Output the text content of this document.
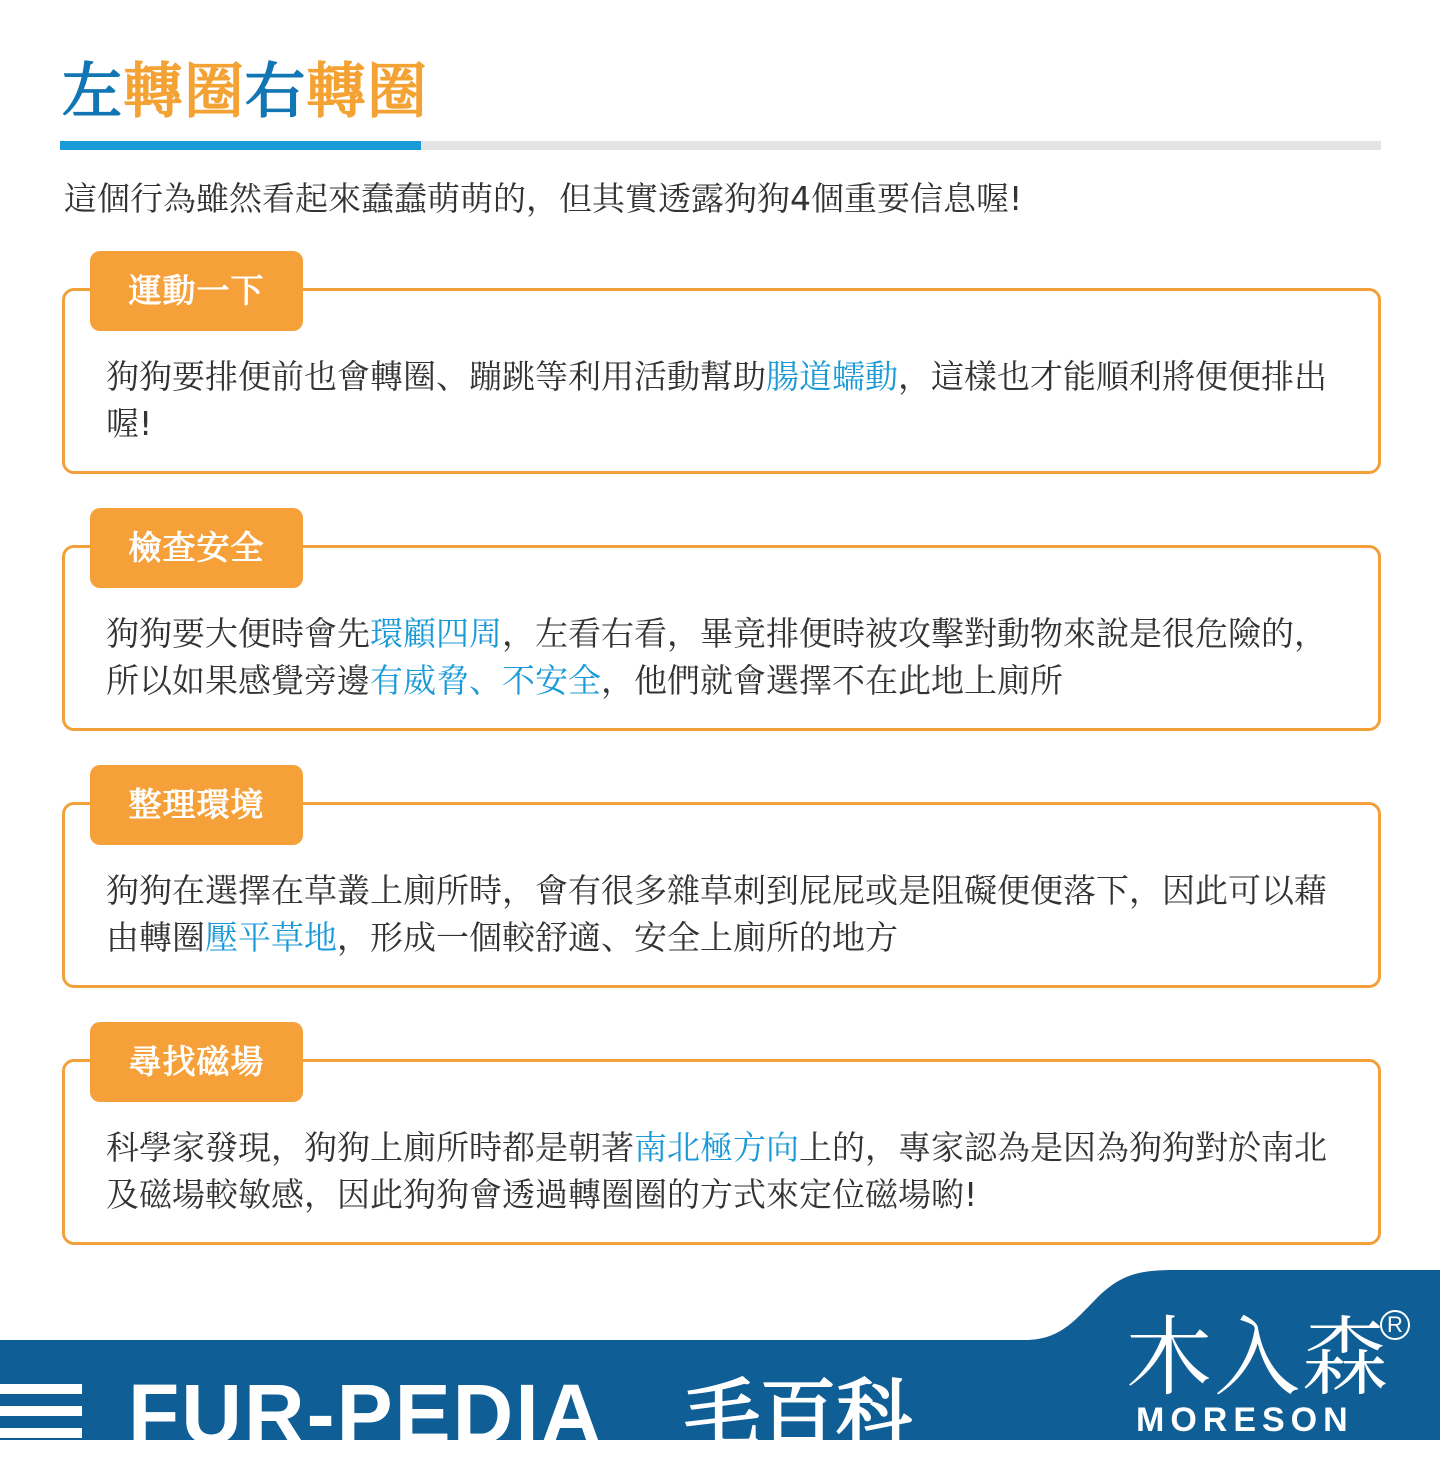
左轉圈右轉圈
這個行為雖然看起來蠢蠢萌萌的，但其實透露狗狗4個重要信息喔!
運動一下
狗狗要排便前也會轉圈、蹦跳等利用活動幫助腸道蠕動，這樣也才能順利將便便排出喔!
檢查安全
狗狗要大便時會先環顧四周，左看右看，畢竟排便時被攻擊對動物來說是很危險的，所以如果感覺旁邊有威脅、不安全，他們就會選擇不在此地上廁所
整理環境
狗狗在選擇在草叢上廁所時，會有很多雜草刺到屁屁或是阻礙便便落下，因此可以藉由轉圈壓平草地，形成一個較舒適、安全上廁所的地方
尋找磁場
科學家發現，狗狗上廁所時都是朝著南北極方向上的，專家認為是因為狗狗對於南北及磁場較敏感，因此狗狗會透過轉圈圈的方式來定位磁場喲!
FUR-PEDIA 毛百科
木入森
R
MORESON
